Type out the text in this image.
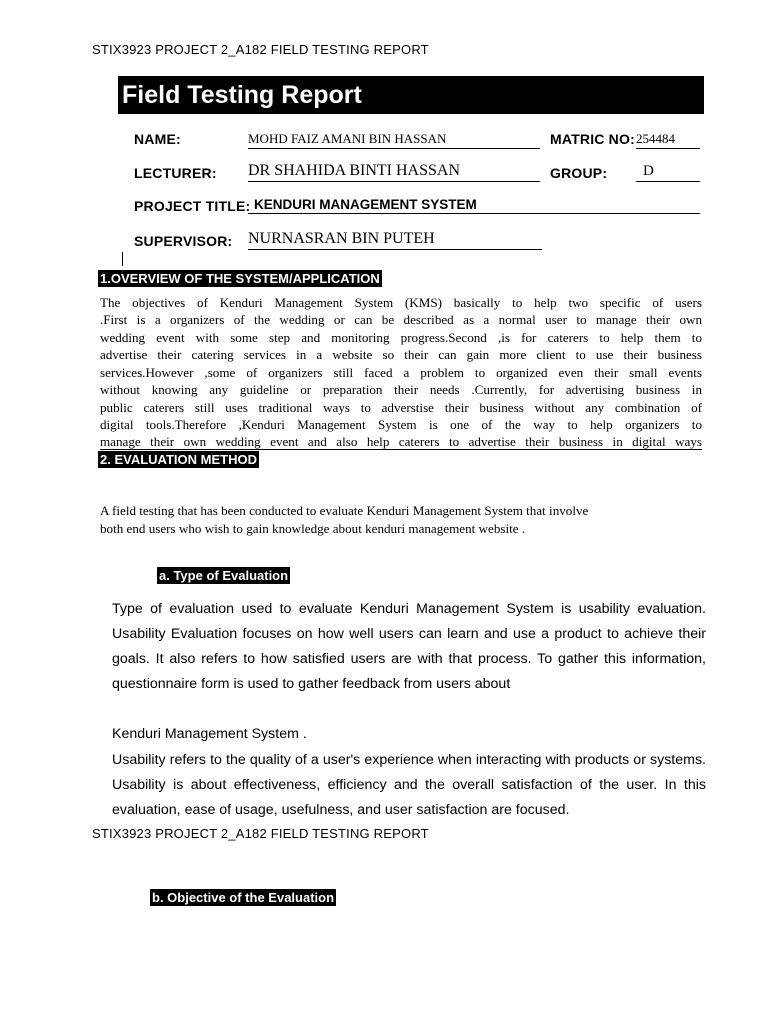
STIX3923 PROJECT 2_A182 FIELD TESTING REPORT
Field Testing Report
NAME:	MOHD FAIZ AMANI BIN HASSAN	MATRIC NO: 254484
LECTURER: DR SHAHIDA BINTI HASSAN	GROUP:	D
PROJECT TITLE: KENDURI MANAGEMENT SYSTEM
SUPERVISOR: NURNASRAN BIN PUTEH
1.OVERVIEW OF THE SYSTEM/APPLICATION
The objectives of Kenduri Management System (KMS) basically to help two specific of users
.First is a organizers of the wedding or can be described as a normal user to manage their own
wedding event with some step and monitoring progress.Second ,is for caterers to help them to
advertise their catering services in a website so their can gain more client to use their business
services.However ,some of organizers still faced a problem to organized even their small events
without knowing any guideline or preparation their needs .Currently, for advertising business in
public caterers still uses traditional ways to adverstise their business without any combination of
digital tools.Therefore ,Kenduri Management System is one of the way to help organizers to
manage their own wedding event and also help caterers to advertise their business in digital ways
2. EVALUATION METHOD
A field testing that has been conducted to evaluate Kenduri Management System that involve
both end users who wish to gain knowledge about kenduri management website .
a. Type of Evaluation

Type of evaluation used to evaluate Kenduri Management System is usability evaluation. Usability Evaluation focuses on how well users can learn and use a product to achieve their goals. It also refers to how satisfied users are with that process. To gather this information, questionnaire form is used to gather feedback from users about

Kenduri Management System .

Usability refers to the quality of a user's experience when interacting with products or systems. Usability is about effectiveness, efficiency and the overall satisfaction of the user. In this evaluation, ease of usage, usefulness, and user satisfaction are focused.

STIX3923 PROJECT 2_A182 FIELD TESTING REPORT
b. Objective of the Evaluation
